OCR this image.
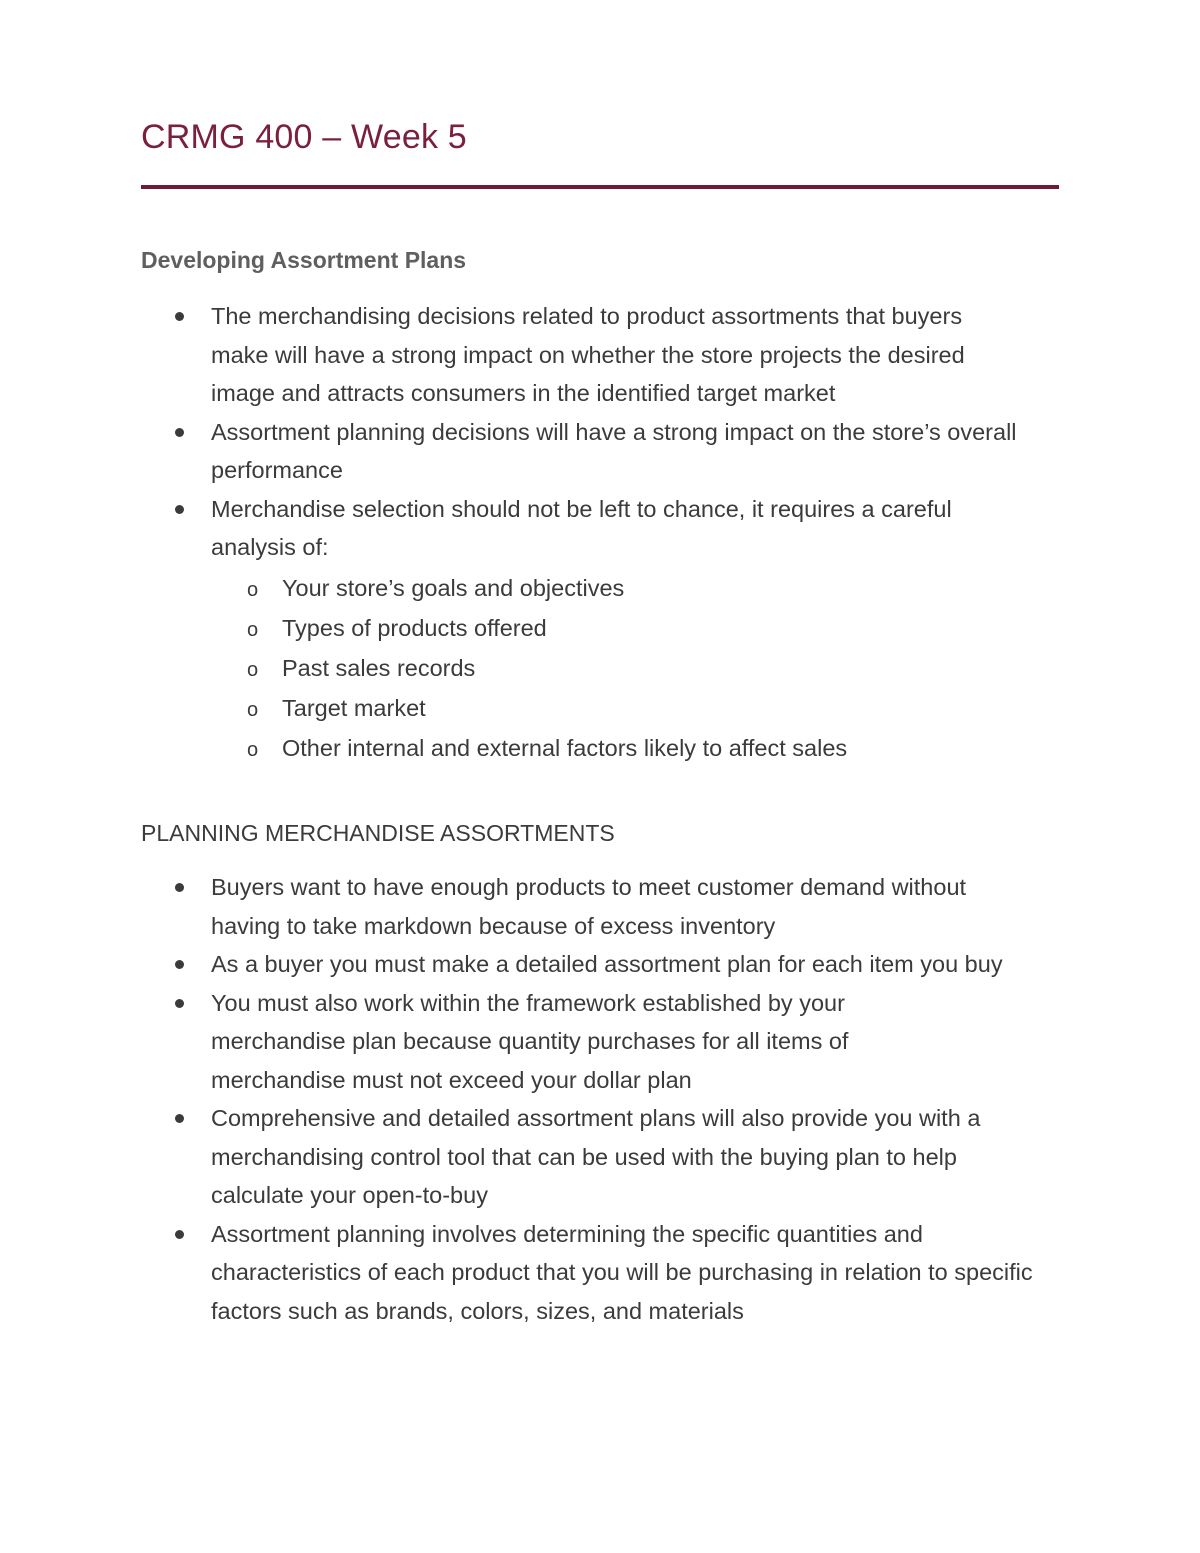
CRMG 400 – Week 5
Developing Assortment Plans
The merchandising decisions related to product assortments that buyers make will have a strong impact on whether the store projects the desired image and attracts consumers in the identified target market
Assortment planning decisions will have a strong impact on the store’s overall performance
Merchandise selection should not be left to chance, it requires a careful analysis of:
o Your store’s goals and objectives
o Types of products offered
o Past sales records
o Target market
o Other internal and external factors likely to affect sales
PLANNING MERCHANDISE ASSORTMENTS
Buyers want to have enough products to meet customer demand without having to take markdown because of excess inventory
As a buyer you must make a detailed assortment plan for each item you buy
You must also work within the framework established by your merchandise plan because quantity purchases for all items of merchandise must not exceed your dollar plan
Comprehensive and detailed assortment plans will also provide you with a merchandising control tool that can be used with the buying plan to help calculate your open-to-buy
Assortment planning involves determining the specific quantities and characteristics of each product that you will be purchasing in relation to specific factors such as brands, colors, sizes, and materials
